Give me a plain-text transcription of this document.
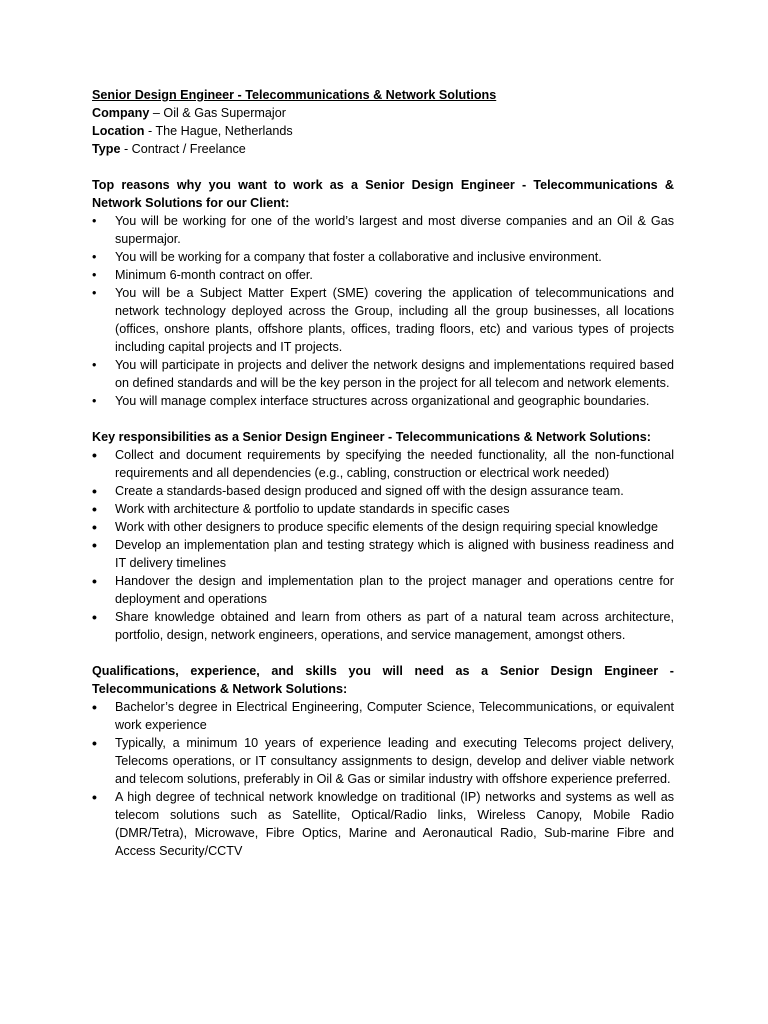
Senior Design Engineer - Telecommunications & Network Solutions

Company – Oil & Gas Supermajor

Location - The Hague, Netherlands

Type - Contract / Freelance

Top reasons why you want to work as a Senior Design Engineer - Telecommunications & Network Solutions for our Client:

• You will be working for one of the world’s largest and most diverse companies and an Oil & Gas supermajor.
• You will be working for a company that foster a collaborative and inclusive environment.
• Minimum 6-month contract on offer.
• You will be a Subject Matter Expert (SME) covering the application of telecommunications and network technology deployed across the Group, including all the group businesses, all locations (offices, onshore plants, offshore plants, offices, trading floors, etc) and various types of projects including capital projects and IT projects.
• You will participate in projects and deliver the network designs and implementations required based on defined standards and will be the key person in the project for all telecom and network elements.
• You will manage complex interface structures across organizational and geographic boundaries.

Key responsibilities as a Senior Design Engineer - Telecommunications & Network Solutions:

• Collect and document requirements by specifying the needed functionality, all the non-functional requirements and all dependencies (e.g., cabling, construction or electrical work needed)
• Create a standards-based design produced and signed off with the design assurance team.
• Work with architecture & portfolio to update standards in specific cases
• Work with other designers to produce specific elements of the design requiring special knowledge
• Develop an implementation plan and testing strategy which is aligned with business readiness and IT delivery timelines
• Handover the design and implementation plan to the project manager and operations centre for deployment and operations
• Share knowledge obtained and learn from others as part of a natural team across architecture, portfolio, design, network engineers, operations, and service management, amongst others.

Qualifications, experience, and skills you will need as a Senior Design Engineer - Telecommunications & Network Solutions:

• Bachelor’s degree in Electrical Engineering, Computer Science, Telecommunications, or equivalent work experience
• Typically, a minimum 10 years of experience leading and executing Telecoms project delivery, Telecoms operations, or IT consultancy assignments to design, develop and deliver viable network and telecom solutions, preferably in Oil & Gas or similar industry with offshore experience preferred.
• A high degree of technical network knowledge on traditional (IP) networks and systems as well as telecom solutions such as Satellite, Optical/Radio links, Wireless Canopy, Mobile Radio (DMR/Tetra), Microwave, Fibre Optics, Marine and Aeronautical Radio, Sub-marine Fibre and Access Security/CCTV
